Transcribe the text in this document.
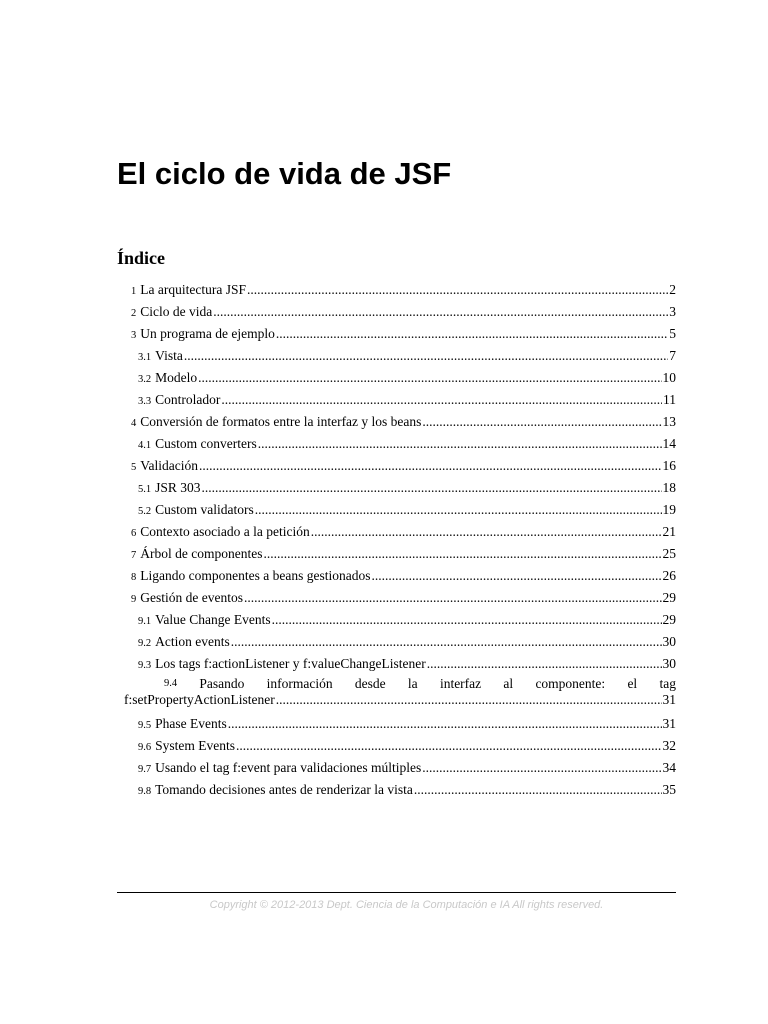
El ciclo de vida de JSF
Índice
1 La arquitectura JSF .....	2
2 Ciclo de vida .....	3
3 Un programa de ejemplo .....	5
3.1 Vista .....	7
3.2 Modelo .....	10
3.3 Controlador .....	11
4 Conversión de formatos entre la interfaz y los beans .....	13
4.1 Custom converters .....	14
5 Validación .....	16
5.1 JSR 303 .....	18
5.2 Custom validators .....	19
6 Contexto asociado a la petición .....	21
7 Árbol de componentes .....	25
8 Ligando componentes a beans gestionados .....	26
9 Gestión de eventos .....	29
9.1 Value Change Events .....	29
9.2 Action events .....	30
9.3 Los tags f:actionListener y f:valueChangeListener .....	30
9.4 Pasando información desde la interfaz al componente: el tag
f:setPropertyActionListener .....	31
9.5 Phase Events .....	31
9.6 System Events .....	32
9.7 Usando el tag f:event para validaciones múltiples .....	34
9.8 Tomando decisiones antes de renderizar la vista .....	35
Copyright © 2012-2013 Dept. Ciencia de la Computación e IA All rights reserved.
